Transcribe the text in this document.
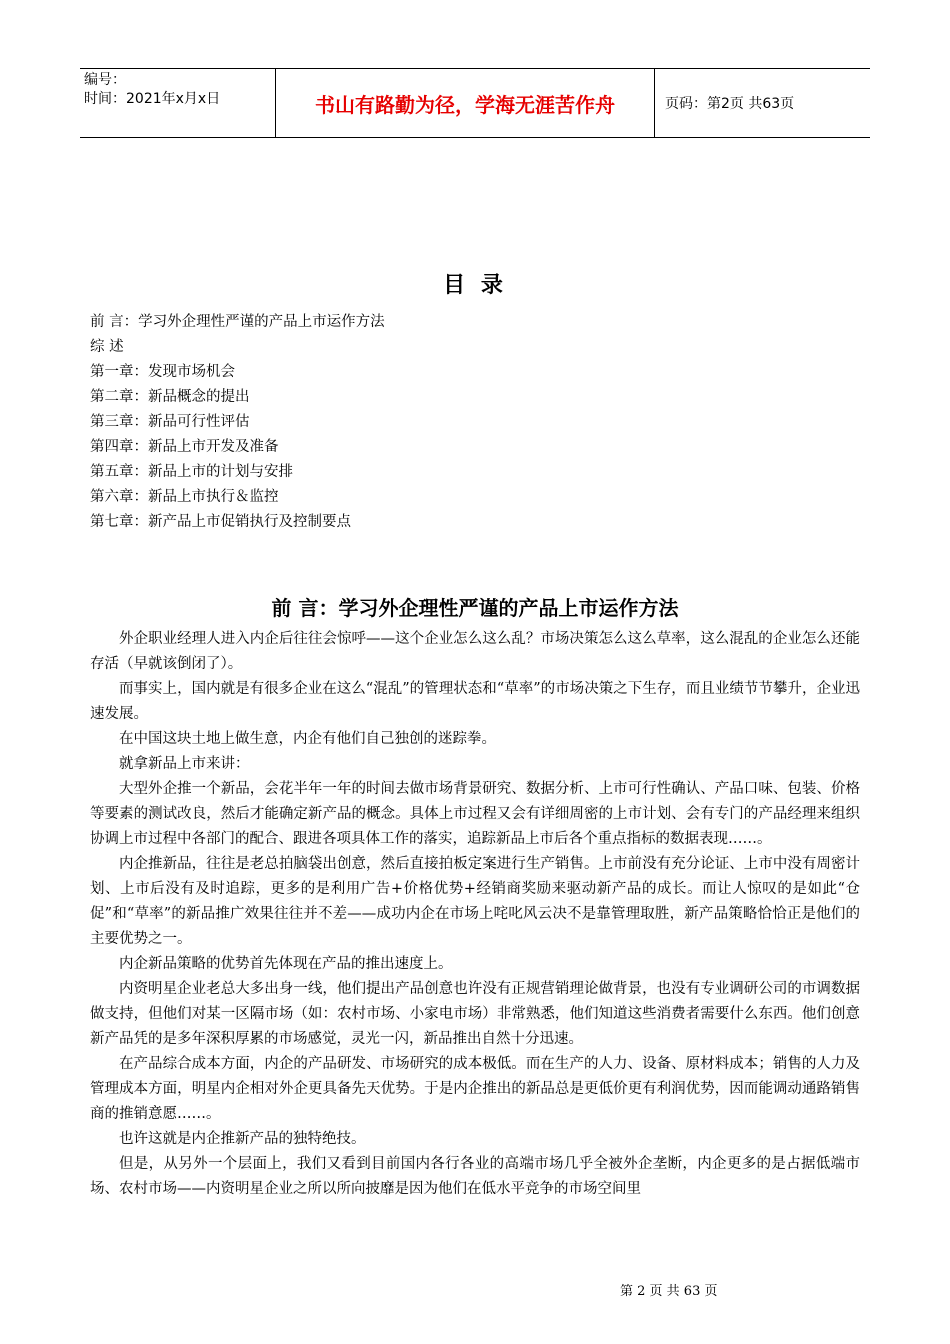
编号：
时间：2021年x月x日	书山有路勤为径，学海无涯苦作舟	页码：第2页 共63页
目 录
前 言：学习外企理性严谨的产品上市运作方法
综 述
第一章：发现市场机会
第二章：新品概念的提出
第三章：新品可行性评估
第四章：新品上市开发及准备
第五章：新品上市的计划与安排
第六章：新品上市执行＆监控
第七章：新产品上市促销执行及控制要点
前 言：学习外企理性严谨的产品上市运作方法

外企职业经理人进入内企后往往会惊呼——这个企业怎么这么乱？市场决策怎么这么草率，这么混乱的企业怎么还能存活（早就该倒闭了）。

而事实上，国内就是有很多企业在这么“混乱”的管理状态和“草率”的市场决策之下生存，而且业绩节节攀升，企业迅速发展。

在中国这块土地上做生意，内企有他们自己独创的迷踪拳。

就拿新品上市来讲：

大型外企推一个新品，会花半年一年的时间去做市场背景研究、数据分析、上市可行性确认、产品口味、包装、价格等要素的测试改良，然后才能确定新产品的概念。具体上市过程又会有详细周密的上市计划、会有专门的产品经理来组织协调上市过程中各部门的配合、跟进各项具体工作的落实，追踪新品上市后各个重点指标的数据表现……。

内企推新品，往往是老总拍脑袋出创意，然后直接拍板定案进行生产销售。上市前没有充分论证、上市中没有周密计划、上市后没有及时追踪，更多的是利用广告+价格优势+经销商奖励来驱动新产品的成长。而让人惊叹的是如此“仓促”和“草率”的新品推广效果往往并不差——成功内企在市场上咤叱风云决不是靠管理取胜，新产品策略恰恰正是他们的主要优势之一。

内企新品策略的优势首先体现在产品的推出速度上。

内资明星企业老总大多出身一线，他们提出产品创意也许没有正规营销理论做背景，也没有专业调研公司的市调数据做支持，但他们对某一区隔市场（如：农村市场、小家电市场）非常熟悉，他们知道这些消费者需要什么东西。他们创意新产品凭的是多年深积厚累的市场感觉，灵光一闪，新品推出自然十分迅速。

在产品综合成本方面，内企的产品研发、市场研究的成本极低。而在生产的人力、设备、原材料成本；销售的人力及管理成本方面，明星内企相对外企更具备先天优势。于是内企推出的新品总是更低价更有利润优势，因而能调动通路销售商的推销意愿……。

也许这就是内企推新产品的独特绝技。

但是，从另外一个层面上，我们又看到目前国内各行各业的高端市场几乎全被外企垄断，内企更多的是占据低端市场、农村市场——内资明星企业之所以所向披靡是因为他们在低水平竞争的市场空间里

第 2 页 共 63 页
